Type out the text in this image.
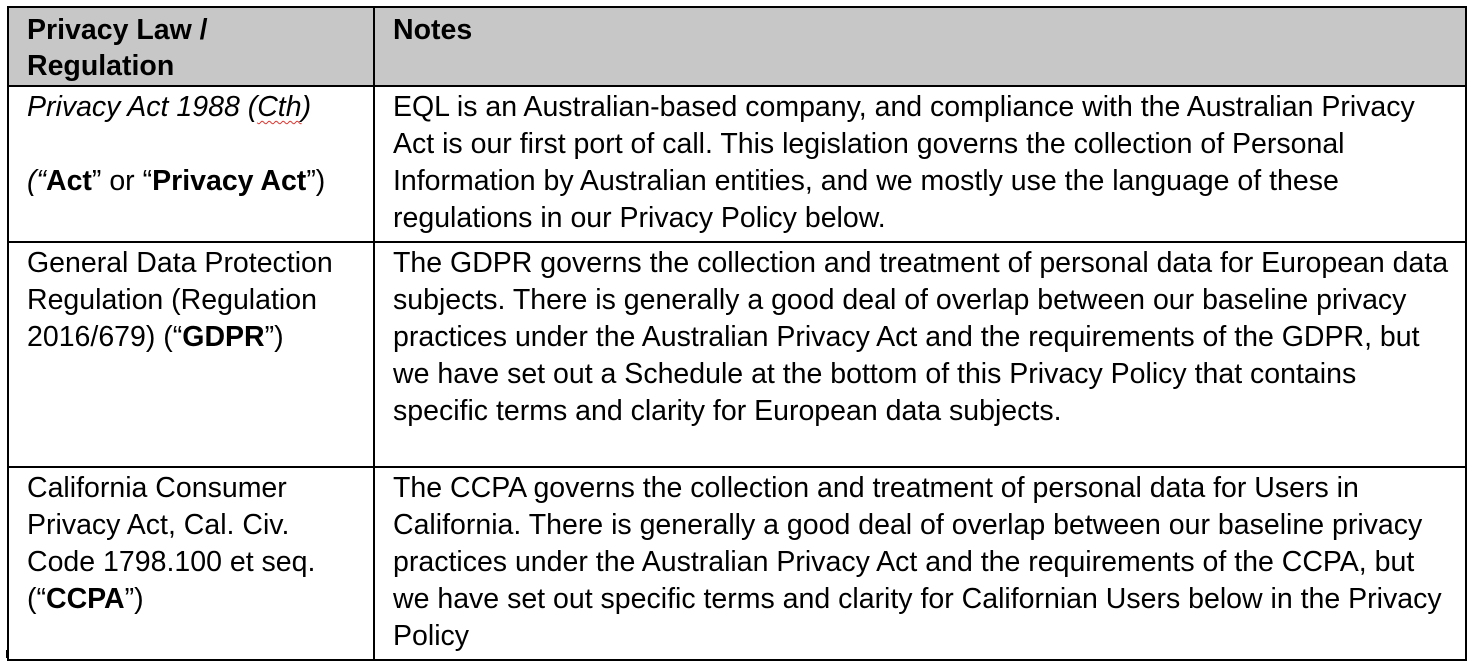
Privacy Law /
Regulation	Notes
Privacy Act 1988 (Cth)
(“Act” or “Privacy Act”)	EQL is an Australian-based company, and compliance with the Australian Privacy Act is our first port of call. This legislation governs the collection of Personal Information by Australian entities, and we mostly use the language of these regulations in our Privacy Policy below.
General Data Protection Regulation (Regulation 2016/679) (“GDPR”)	The GDPR governs the collection and treatment of personal data for European data subjects. There is generally a good deal of overlap between our baseline privacy practices under the Australian Privacy Act and the requirements of the GDPR, but we have set out a Schedule at the bottom of this Privacy Policy that contains specific terms and clarity for European data subjects.
California Consumer Privacy Act, Cal. Civ. Code 1798.100 et seq. (“CCPA”)	The CCPA governs the collection and treatment of personal data for Users in California. There is generally a good deal of overlap between our baseline privacy practices under the Australian Privacy Act and the requirements of the CCPA, but we have set out specific terms and clarity for Californian Users below in the Privacy Policy
